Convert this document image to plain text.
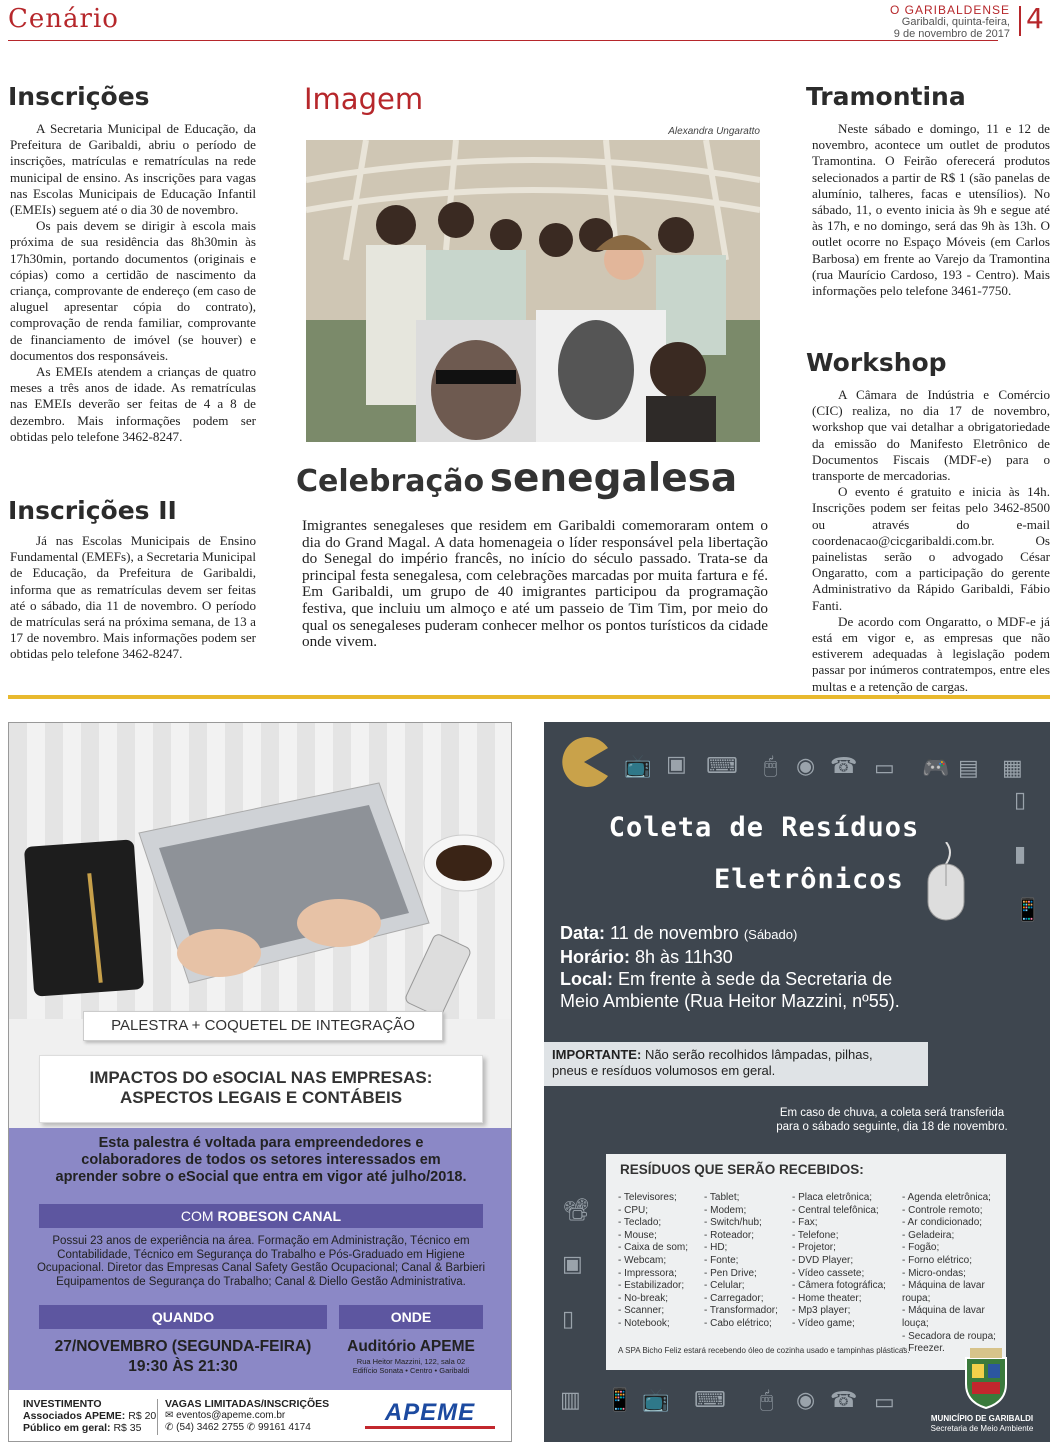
Cenário	O GARIBALDENSE
Garibaldi, quinta-feira,
9 de novembro de 2017 4
Inscrições

A Secretaria Municipal de Educação, da Prefeitura de Garibaldi, abriu o período de inscrições, matrículas e rematrículas na rede municipal de ensino. As inscrições para vagas nas Escolas Municipais de Educação Infantil (EMEIs) seguem até o dia 30 de novembro.

Os pais devem se dirigir à escola mais próxima de sua residência das 8h30min às 17h30min, portando documentos (originais e cópias) como a certidão de nascimento da criança, comprovante de endereço (em caso de aluguel apresentar cópia do contrato), comprovação de renda familiar, comprovante de financiamento de imóvel (se houver) e documentos dos responsáveis.

As EMEIs atendem a crianças de quatro meses a três anos de idade. As rematrículas nas EMEIs deverão ser feitas de 4 a 8 de dezembro. Mais informações podem ser obtidas pelo telefone 3462-8247.

Inscrições II

Já nas Escolas Municipais de Ensino Fundamental (EMEFs), a Secretaria Municipal de Educação, da Prefeitura de Garibaldi, informa que as rematrículas devem ser feitas até o sábado, dia 11 de novembro. O período de matrículas será na próxima semana, de 13 a 17 de novembro. Mais informações podem ser obtidas pelo telefone 3462-8247.

Imagem
Alexandra Ungaratto
Celebração senegalesa
Imigrantes senegaleses que residem em Garibaldi comemoraram ontem o dia do Grand Magal. A data homenageia o líder responsável pela libertação do Senegal do império francês, no início do século passado. Trata-se da principal festa senegalesa, com celebrações marcadas por muita fartura e fé. Em Garibaldi, um grupo de 40 imigrantes participou da programação festiva, que incluiu um almoço e até um passeio de Tim Tim, por meio do qual os senegaleses puderam conhecer melhor os pontos turísticos da cidade onde vivem.
Tramontina

Neste sábado e domingo, 11 e 12 de novembro, acontece um outlet de produtos Tramontina. O Feirão oferecerá produtos selecionados a partir de R$ 1 (são panelas de alumínio, talheres, facas e utensílios). No sábado, 11, o evento inicia às 9h e segue até às 17h, e no domingo, será das 9h às 13h. O outlet ocorre no Espaço Móveis (em Carlos Barbosa) em frente ao Varejo da Tramontina (rua Maurício Cardoso, 193 - Centro). Mais informações pelo telefone 3461-7750.

Workshop

A Câmara de Indústria e Comércio (CIC) realiza, no dia 17 de novembro, workshop que vai detalhar a obrigatoriedade da emissão do Manifesto Eletrônico de Documentos Fiscais (MDF-e) para o transporte de mercadorias.

O evento é gratuito e inicia às 14h. Inscrições podem ser feitas pelo 3462-8500 ou através do e-mail coordenacao@cicgaribaldi.com.br. Os painelistas serão o advogado César Ongaratto, com a participação do gerente Administrativo da Rápido Garibaldi, Fábio Fanti.

De acordo com Ongaratto, o MDF-e já está em vigor e, as empresas que não estiverem adequadas à legislação podem passar por inúmeros contratempos, entre eles multas e a retenção de cargas.

PALESTRA + COQUETEL DE INTEGRAÇÃO
IMPACTOS DO eSOCIAL NAS EMPRESAS:
ASPECTOS LEGAIS E CONTÁBEIS
Esta palestra é voltada para empreendedores e
colaboradores de todos os setores interessados em
aprender sobre o eSocial que entra em vigor até julho/2018.
COM ROBESON CANAL
Possui 23 anos de experiência na área. Formação em Administração, Técnico em
Contabilidade, Técnico em Segurança do Trabalho e Pós-Graduado em Higiene
Ocupacional. Diretor das Empresas Canal Safety Gestão Ocupacional; Canal & Barbieri
Equipamentos de Segurança do Trabalho; Canal & Diello Gestão Administrativa.
QUANDO	ONDE
27/NOVEMBRO (SEGUNDA-FEIRA)
19:30 ÀS 21:30
Auditório APEME
Rua Heitor Mazzini, 122, sala 02
Edifício Sonata • Centro • Garibaldi
INVESTIMENTO
Associados APEME: R$ 20
Público em geral: R$ 35
VAGAS LIMITADAS/INSCRIÇÕES
✉ eventos@apeme.com.br
✆ (54) 3462 2755 ✆ 99161 4174
APEME
📺 ▣ ⌨ 🖱 ◉ ☎ ▭ 🎮 ▤ ▦
▯
▮
📱
Coleta de Resíduos
Eletrônicos
Data: 11 de novembro (Sábado)
Horário: 8h às 11h30
Local: Em frente à sede da Secretaria de
Meio Ambiente (Rua Heitor Mazzini, nº55).
IMPORTANTE: Não serão recolhidos lâmpadas, pilhas,
pneus e resíduos volumosos em geral.
Em caso de chuva, a coleta será transferida
para o sábado seguinte, dia 18 de novembro.
RESÍDUOS QUE SERÃO RECEBIDOS:
- Televisores;
- CPU;
- Teclado;
- Mouse;
- Caixa de som;
- Webcam;
- Impressora;
- Estabilizador;
- No-break;
- Scanner;
- Notebook;
- Tablet;
- Modem;
- Switch/hub;
- Roteador;
- HD;
- Fonte;
- Pen Drive;
- Celular;
- Carregador;
- Transformador;
- Cabo elétrico;
- Placa eletrônica;
- Central telefônica;
- Fax;
- Telefone;
- Projetor;
- DVD Player;
- Vídeo cassete;
- Câmera fotográfica;
- Home theater;
- Mp3 player;
- Vídeo game;
- Agenda eletrônica;
- Controle remoto;
- Ar condicionado;
- Geladeira;
- Fogão;
- Forno elétrico;
- Micro-ondas;
- Máquina de lavar roupa;
- Máquina de lavar louça;
- Secadora de roupa;
- Freezer.
A SPA Bicho Feliz estará recebendo óleo de cozinha usado e tampinhas plásticas.
📽
▣
▯
▥ 📱 📺 ⌨ 🖱 ◉ ☎ ▭
MUNICÍPIO DE GARIBALDI
Secretaria de Meio Ambiente
